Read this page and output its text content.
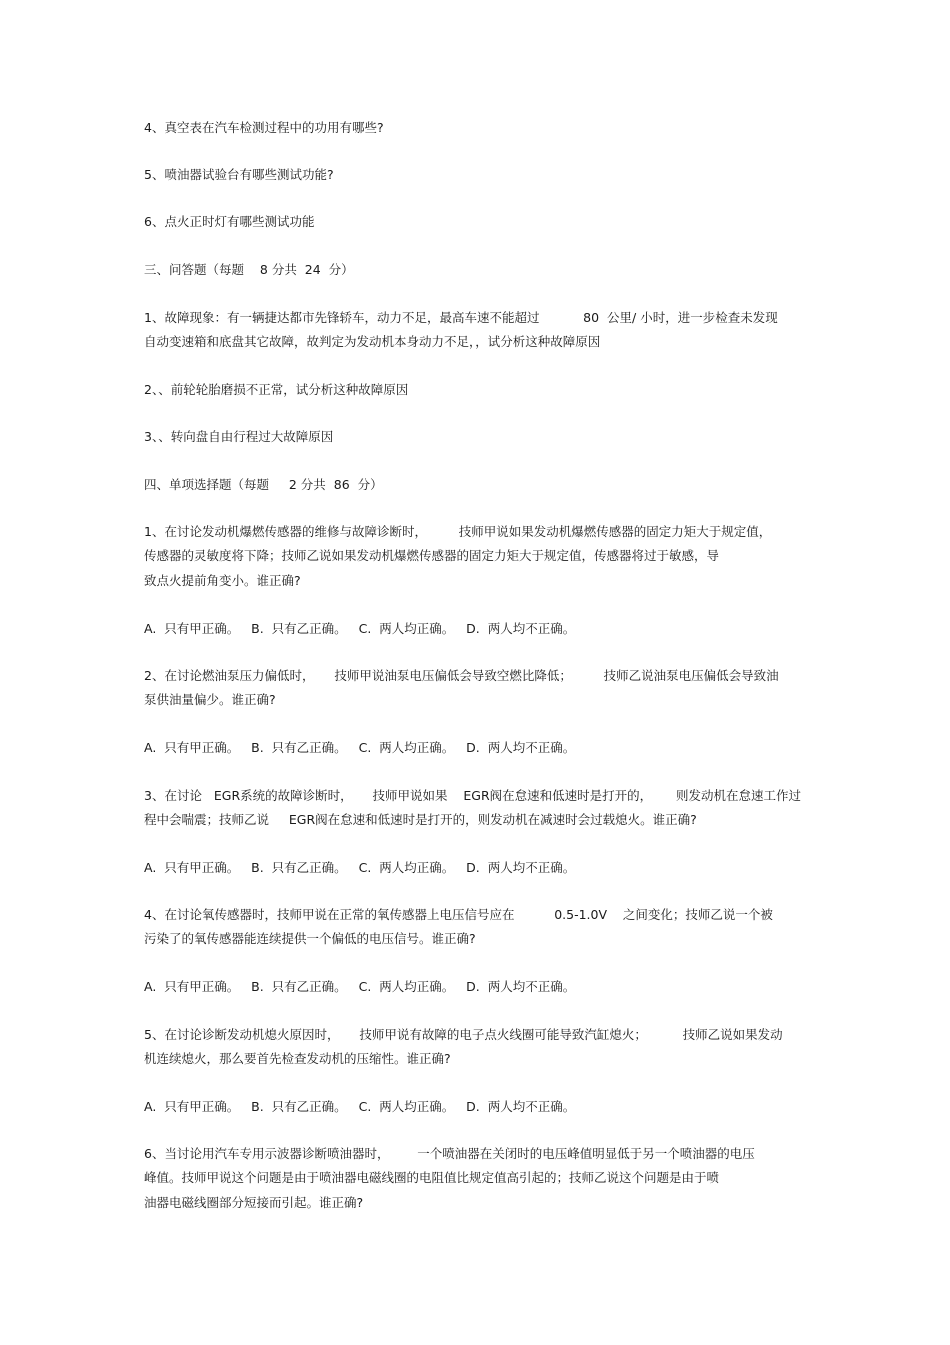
4、真空表在汽车检测过程中的功用有哪些?

5、喷油器试验台有哪些测试功能?

6、点火正时灯有哪些测试功能

三、问答题（每题    8 分共  24  分）

1、故障现象：有一辆捷达都市先锋轿车，动力不足，最高车速不能超过           80  公里/ 小时，进一步检查未发现

自动变速箱和底盘其它故障，故判定为发动机本身动力不足，，试分析这种故障原因

2、、前轮轮胎磨损不正常，试分析这种故障原因

3、、转向盘自由行程过大故障原因

四、单项选择题（每题     2 分共  86  分）

1、在讨论发动机爆燃传感器的维修与故障诊断时，        技师甲说如果发动机爆燃传感器的固定力矩大于规定值，

传感器的灵敏度将下降；技师乙说如果发动机爆燃传感器的固定力矩大于规定值，传感器将过于敏感，导

致点火提前角变小。谁正确?

A.  只有甲正确。   B.  只有乙正确。   C.  两人均正确。   D.  两人均不正确。

2、在讨论燃油泵压力偏低时，     技师甲说油泵电压偏低会导致空燃比降低；        技师乙说油泵电压偏低会导致油

泵供油量偏少。谁正确?

A.  只有甲正确。   B.  只有乙正确。   C.  两人均正确。   D.  两人均不正确。

3、在讨论   EGR系统的故障诊断时，     技师甲说如果    EGR阀在怠速和低速时是打开的，      则发动机在怠速工作过

程中会喘震；技师乙说     EGR阀在怠速和低速时是打开的，则发动机在减速时会过载熄火。谁正确?

A.  只有甲正确。   B.  只有乙正确。   C.  两人均正确。   D.  两人均不正确。

4、在讨论氧传感器时，技师甲说在正常的氧传感器上电压信号应在          0.5-1.0V    之间变化；技师乙说一个被

污染了的氧传感器能连续提供一个偏低的电压信号。谁正确?

A.  只有甲正确。   B.  只有乙正确。   C.  两人均正确。   D.  两人均不正确。

5、在讨论诊断发动机熄火原因时，     技师甲说有故障的电子点火线圈可能导致汽缸熄火；         技师乙说如果发动

机连续熄火，那么要首先检查发动机的压缩性。谁正确?

A.  只有甲正确。   B.  只有乙正确。   C.  两人均正确。   D.  两人均不正确。

6、当讨论用汽车专用示波器诊断喷油器时，       一个喷油器在关闭时的电压峰值明显低于另一个喷油器的电压

峰值。技师甲说这个问题是由于喷油器电磁线圈的电阻值比规定值高引起的；技师乙说这个问题是由于喷

油器电磁线圈部分短接而引起。谁正确?
